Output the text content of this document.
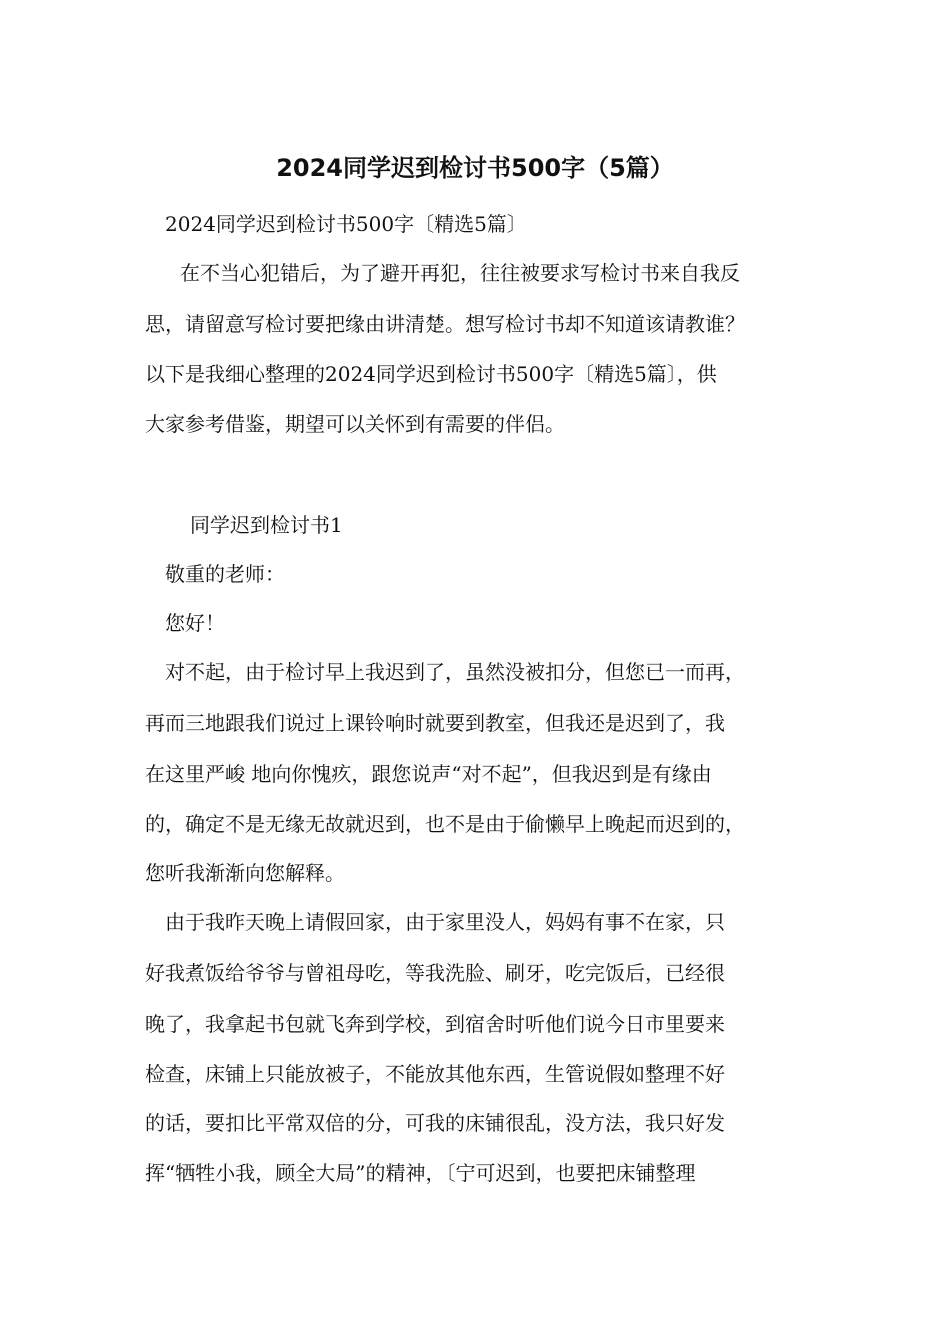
2024同学迟到检讨书500字（5篇）
2024同学迟到检讨书500字〔精选5篇〕
在不当心犯错后，为了避开再犯，往往被要求写检讨书来自我反
思，请留意写检讨要把缘由讲清楚。想写检讨书却不知道该请教谁？
以下是我细心整理的2024同学迟到检讨书500字〔精选5篇〕，供
大家参考借鉴，期望可以关怀到有需要的伴侣。
同学迟到检讨书1
敬重的老师：
您好！
对不起，由于检讨早上我迟到了，虽然没被扣分，但您已一而再，
再而三地跟我们说过上课铃响时就要到教室，但我还是迟到了，我
在这里严峻 地向你愧疚，跟您说声“对不起”，但我迟到是有缘由
的，确定不是无缘无故就迟到，也不是由于偷懒早上晚起而迟到的，
您听我渐渐向您解释。
由于我昨天晚上请假回家，由于家里没人，妈妈有事不在家，只
好我煮饭给爷爷与曾祖母吃，等我洗脸、刷牙，吃完饭后，已经很
晚了，我拿起书包就飞奔到学校，到宿舍时听他们说今日市里要来
检查，床铺上只能放被子，不能放其他东西，生管说假如整理不好
的话，要扣比平常双倍的分，可我的床铺很乱，没方法，我只好发
挥“牺牲小我，顾全大局”的精神，〔宁可迟到，也要把床铺整理
